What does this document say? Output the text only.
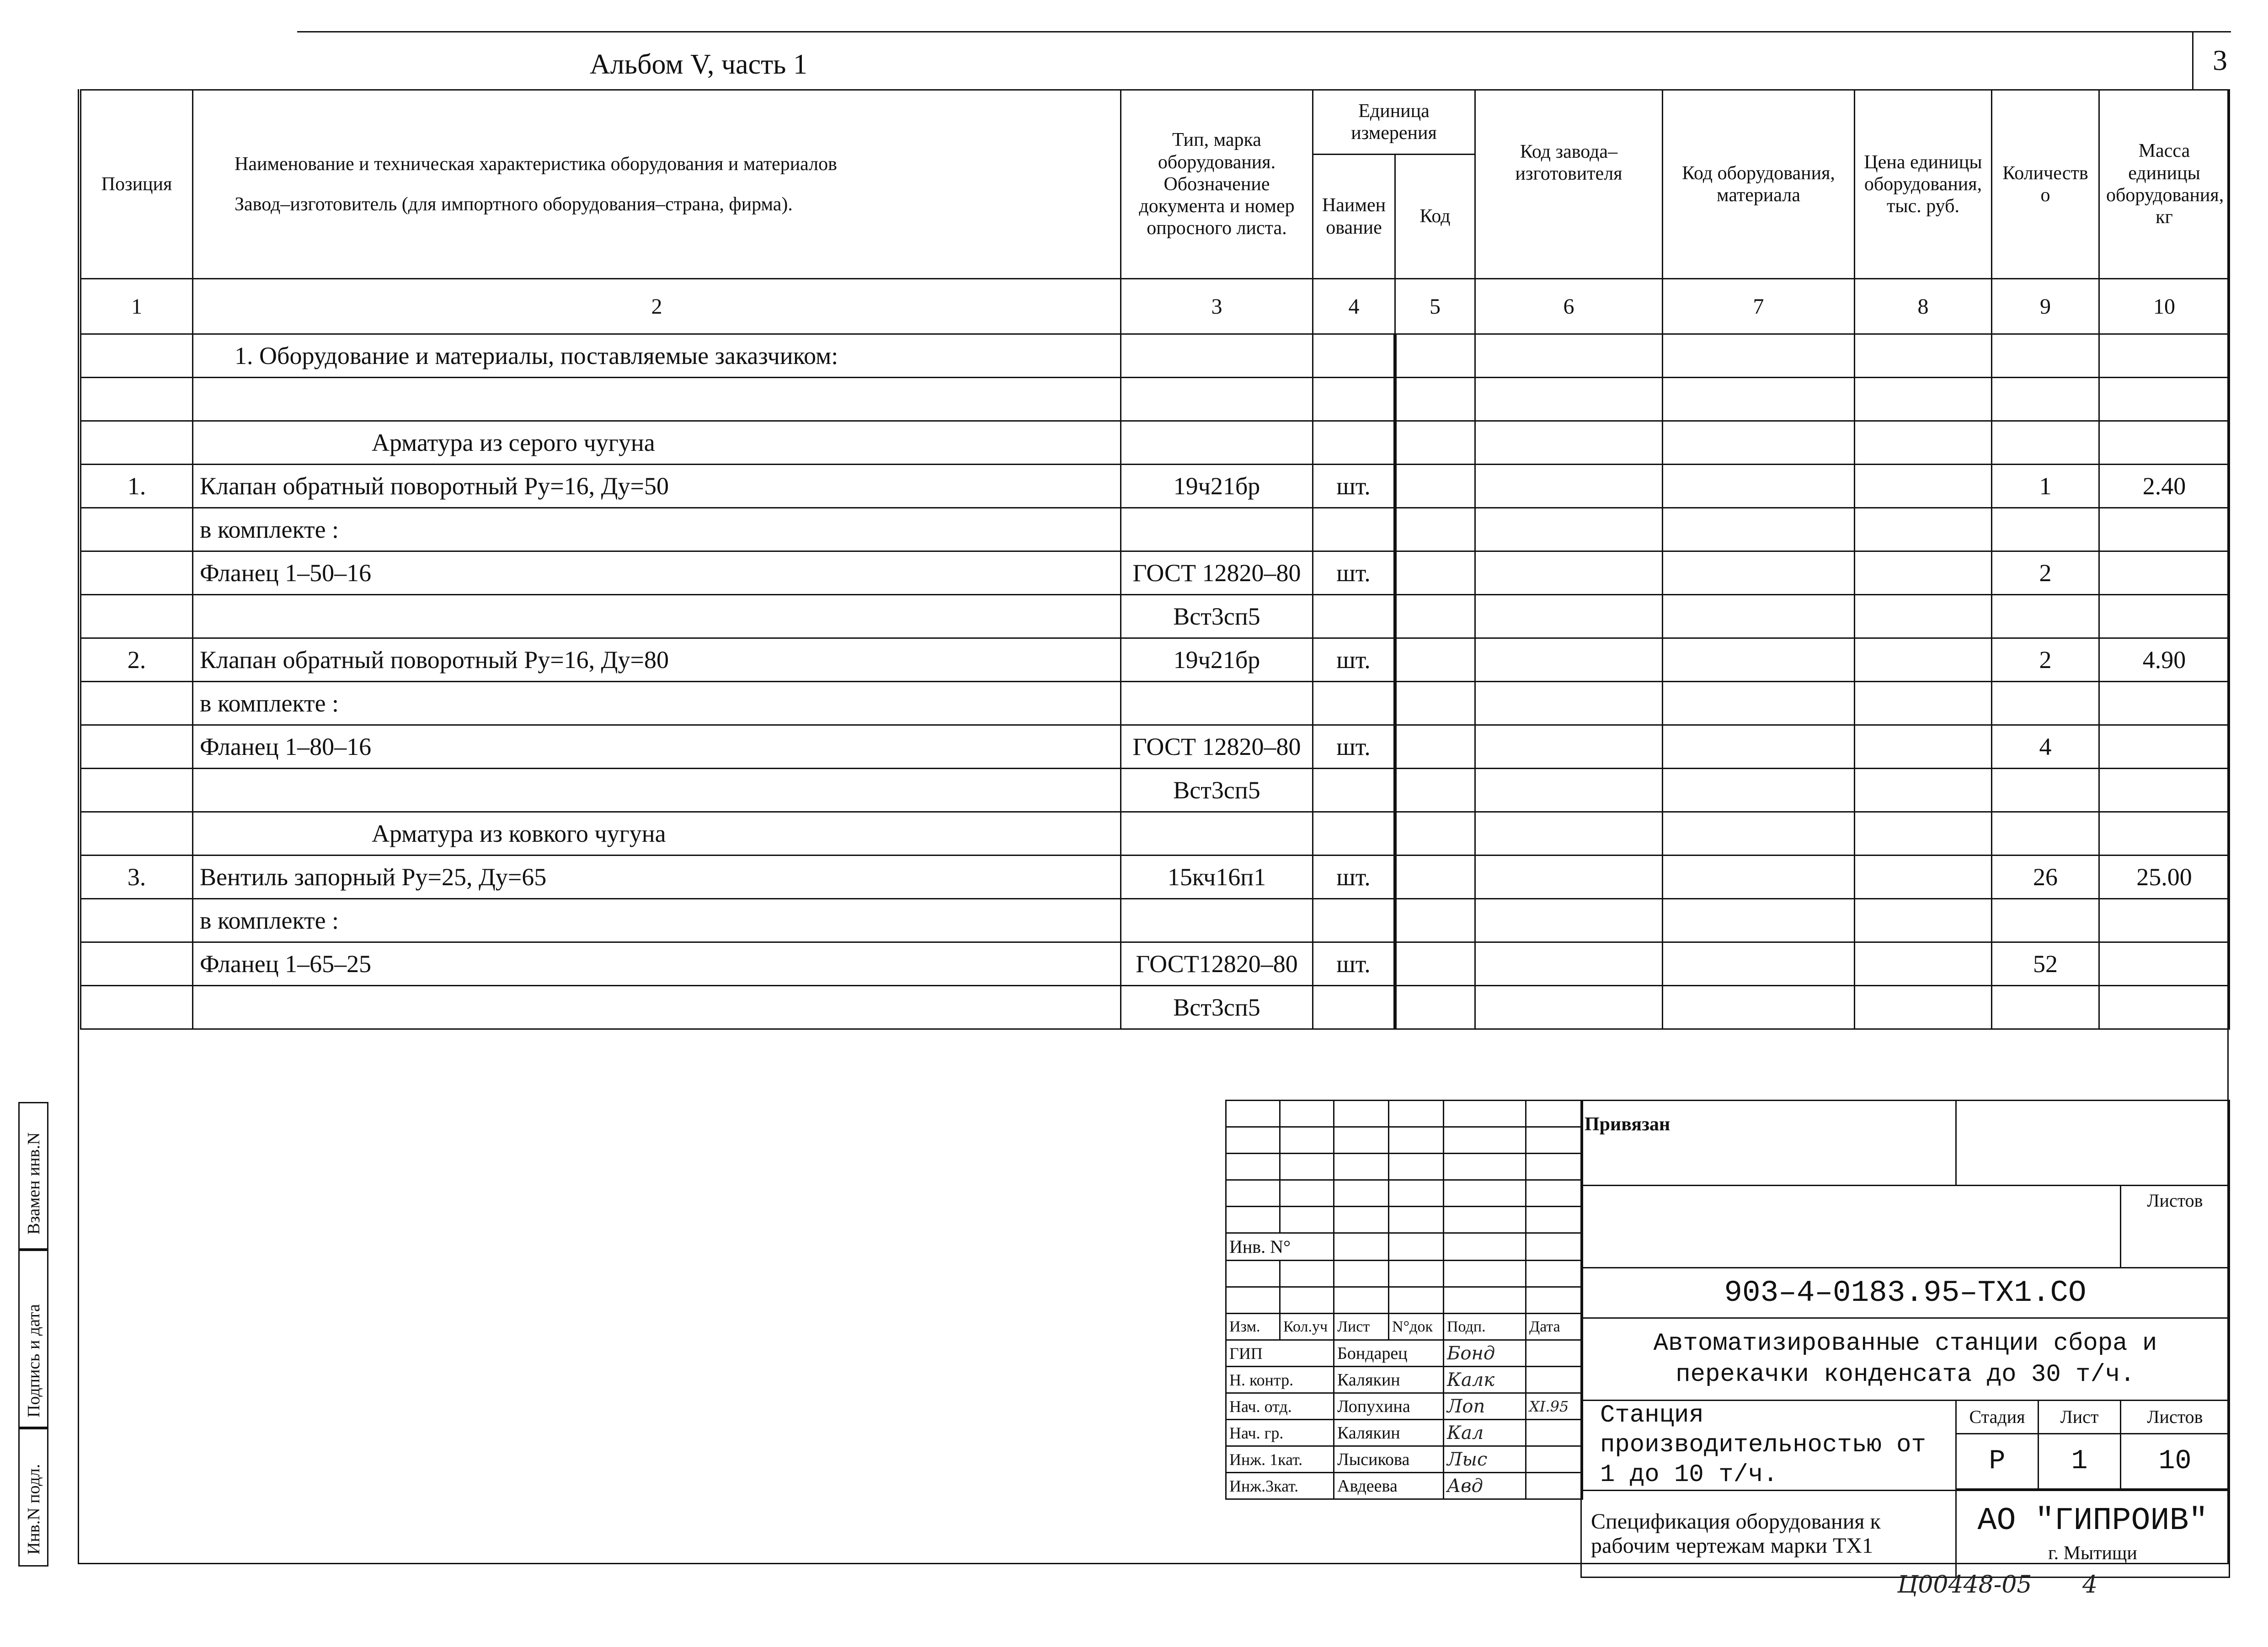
3
Альбом V, часть 1
Позиция	Наименование и техническая характеристика оборудования и материалов
Завод–изготовитель (для импортного оборудования–страна, фирма).	Тип, марка оборудования. Обозначение документа и номер опросного листа.	Единица измерения		Код завода–изготовителя	Код оборудования, материала	Цена единицы оборудования, тыс. руб.	Количество	Масса единицы оборудования, кг
			Наименование	Код					
1	2	3	4	5	6	7	8	9	10
	1. Оборудование и материалы, поставляемые заказчиком:								

	Арматура из серого чугуна								
1.	Клапан обратный поворотный Ру=16, Ду=50	19ч21бр	шт.					1	2.40
	в комплекте :								
	Фланец 1–50–16	ГОСТ 12820–80	шт.					2	
		Вст3сп5							
2.	Клапан обратный поворотный Ру=16, Ду=80	19ч21бр	шт.					2	4.90
	в комплекте :								
	Фланец 1–80–16	ГОСТ 12820–80	шт.					4	
		Вст3сп5							
	Арматура из ковкого чугуна								
3.	Вентиль запорный Ру=25, Ду=65	15кч16п1	шт.					26	25.00
	в комплекте :								
	Фланец 1–65–25	ГОСТ12820–80	шт.					52	
		Вст3сп5							
Взамен инв.N
Подпись и дата
Инв.N подл.

Инв. N°					

Изм.	Кол.уч	Лист	N°док	Подп.	Дата
ГИП		Бондарец		Бонд	
Н. контр.		Калякин		Калк	
Нач. отд.		Лопухина		Лоп	XI.95
Нач. гр.		Калякин		Кал	
Инж. 1кат.		Лысикова		Лыс	
Инж.3кат.		Авдеева		Авд	
Привязан			
			Листов
903–4–0183.95–ТХ1.СО			
Автоматизированные станции сбора и перекачки конденсата до 30 т/ч.			
Станция производительностью от 1 до 10 т/ч.	Стадия	Лист	Листов
	Р	1	10

Спецификация оборудования к рабочим чертежам марки ТХ1	АО "ГИПРОИВ"
г. Мытищи		
Ц00448-05 4
